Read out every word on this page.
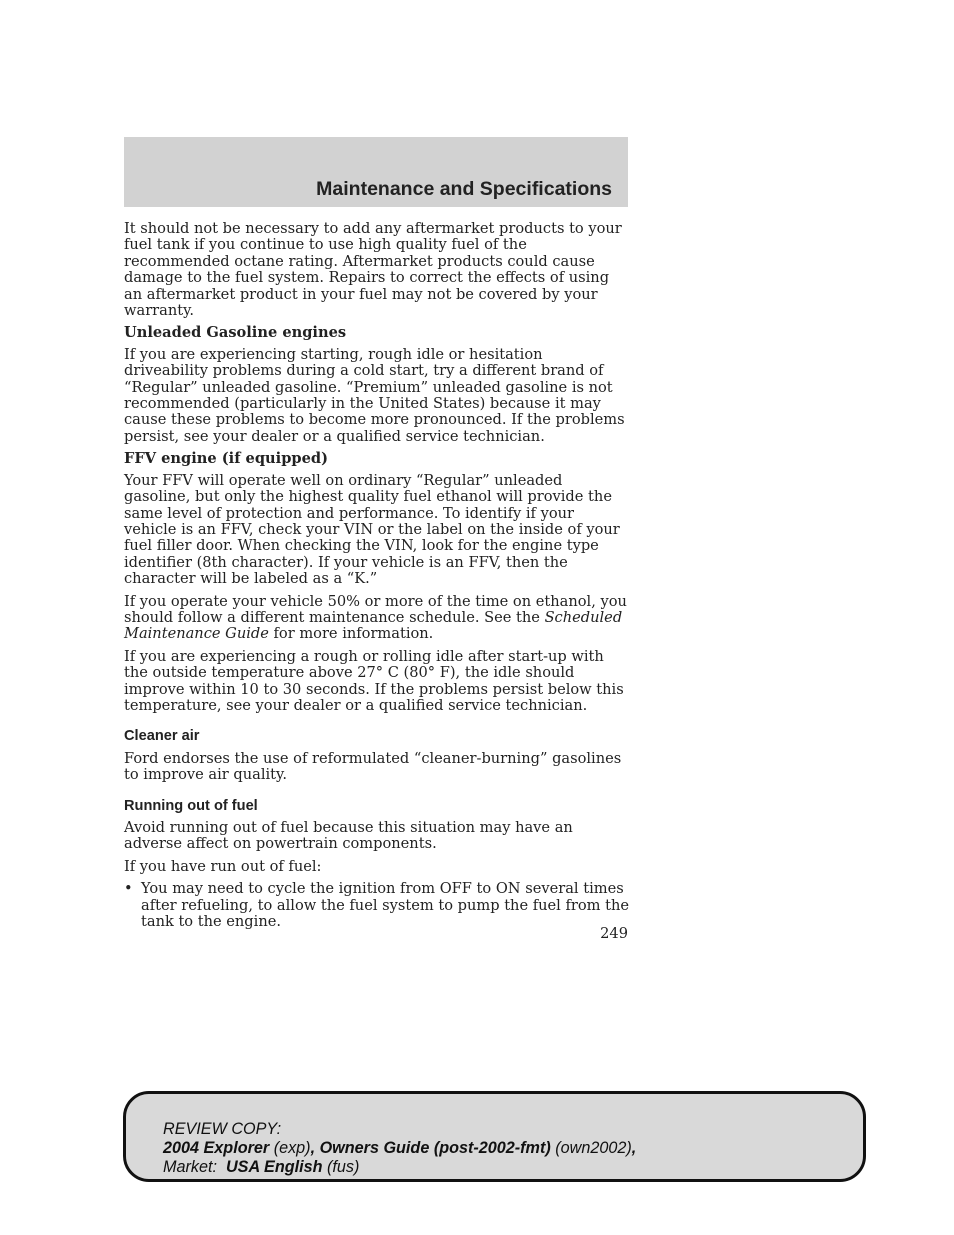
Maintenance and Specifications

It should not be necessary to add any aftermarket products to your fuel tank if you continue to use high quality fuel of the recommended octane rating. Aftermarket products could cause damage to the fuel system. Repairs to correct the effects of using an aftermarket product in your fuel may not be covered by your warranty.

Unleaded Gasoline engines

If you are experiencing starting, rough idle or hesitation driveability problems during a cold start, try a different brand of “Regular” unleaded gasoline. “Premium” unleaded gasoline is not recommended (particularly in the United States) because it may cause these problems to become more pronounced. If the problems persist, see your dealer or a qualified service technician.

FFV engine (if equipped)

Your FFV will operate well on ordinary “Regular” unleaded gasoline, but only the highest quality fuel ethanol will provide the same level of protection and performance. To identify if your vehicle is an FFV, check your VIN or the label on the inside of your fuel filler door. When checking the VIN, look for the engine type identifier (8th character). If your vehicle is an FFV, then the character will be labeled as a “K.”

If you operate your vehicle 50% or more of the time on ethanol, you should follow a different maintenance schedule. See the Scheduled Maintenance Guide for more information.

If you are experiencing a rough or rolling idle after start-up with the outside temperature above 27° C (80° F), the idle should improve within 10 to 30 seconds. If the problems persist below this temperature, see your dealer or a qualified service technician.

Cleaner air

Ford endorses the use of reformulated “cleaner-burning” gasolines to improve air quality.

Running out of fuel

Avoid running out of fuel because this situation may have an adverse affect on powertrain components.

If you have run out of fuel:

• You may need to cycle the ignition from OFF to ON several times after refueling, to allow the fuel system to pump the fuel from the tank to the engine.
249
REVIEW COPY:
2004 Explorer (exp), Owners Guide (post-2002-fmt) (own2002),
Market: USA English (fus)
